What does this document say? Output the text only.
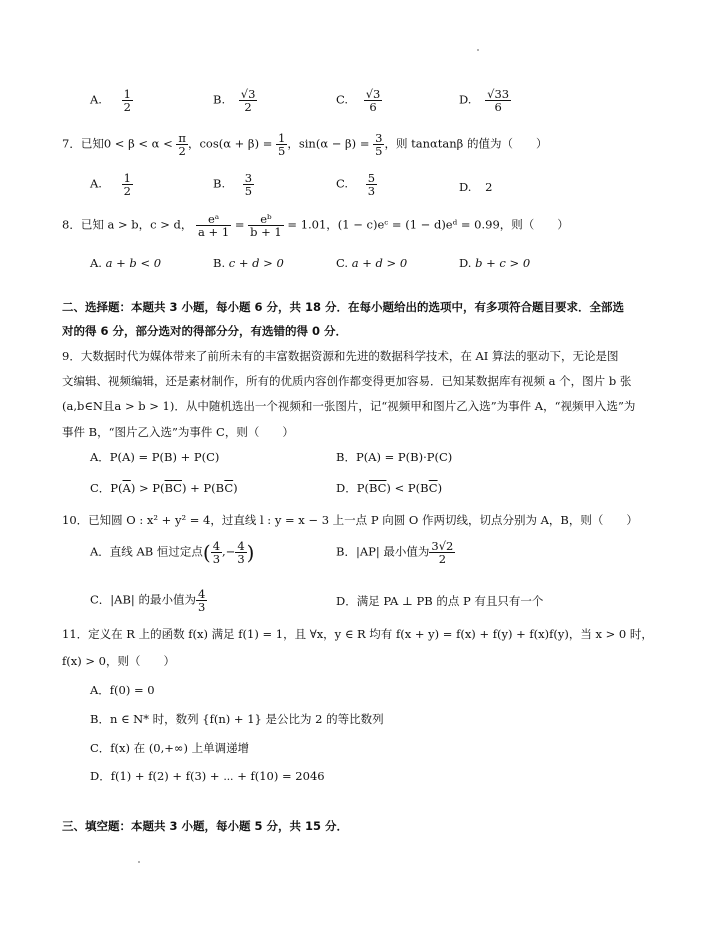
A. $\frac{1}{2}$	B. $\frac{√3}{2}$	C. $\frac{√3}{6}$	D. $\frac{√33}{6}$
7．已知$0 < \beta < \alpha < \frac{\pi}{2}$ ，$\cos(\alpha + \beta) = \frac{1}{5}$ ，$\sin(\alpha - \beta) = \frac{3}{5}$ ，则 tanαtanβ 的值为（　　）
A. $\frac{1}{2}$	B. $\frac{3}{5}$	C. $\frac{5}{3}$	D. 2
8．已知 a > b，c > d， $\frac{\text{eᵃ}}{a + 1} = \frac{\text{eᵇ}}{b + 1} = 1.01$，(1 − c)eᶜ = (1 − d)eᵈ = 0.99，则（　　）
A. a + b < 0	B. c + d > 0	C. a + d > 0	D. b + c > 0
二、选择题：本题共 3 小题，每小题 6 分，共 18 分．在每小题给出的选项中，有多项符合题目要求．全部选
对的得 6 分，部分选对的得部分分，有选错的得 0 分．
9．大数据时代为媒体带来了前所未有的丰富数据资源和先进的数据科学技术，在 AI 算法的驱动下，无论是图
文编辑、视频编辑，还是素材制作，所有的优质内容创作都变得更加容易．已知某数据库有视频 a 个，图片 b 张
(a,b∈N且a > b > 1)．从中随机选出一个视频和一张图片，记“视频甲和图片乙入选”为事件 A，“视频甲入选”为
事件 B，“图片乙入选”为事件 C，则（　　）
A．P(A) = P(B) + P(C)	B．P(A) = P(B)·P(C)
C．$P(\overline{A}) > P(\overline{BC}) + P(B\overline{C})$	D．$P(\overline{BC}) < P(B\overline{C})$
10．已知圆 O : x² + y² = 4，过直线 l : y = x − 3 上一点 P 向圆 O 作两切线，切点分别为 A，B，则（　　）
A．直线 AB 恒过定点( $\frac{4}{3}$ ,− $\frac{4}{3}$ )	B．|AP| 最小值为 $\frac{3√2}{2}$
C．|AB| 的最小值为 $\frac{4}{3}$	D．满足 PA ⊥ PB 的点 P 有且只有一个
11．定义在 R 上的函数 f(x) 满足 f(1) = 1，且 ∀x，y ∈ R 均有 f(x + y) = f(x) + f(y) + f(x)f(y)，当 x > 0 时，
f(x) > 0，则（　　）
A．f(0) = 0
B．n ∈ N* 时，数列 {f(n) + 1} 是公比为 2 的等比数列
C．f(x) 在 (0,+∞) 上单调递增
D．f(1) + f(2) + f(3) + ⋯ + f(10) = 2046
三、填空题：本题共 3 小题，每小题 5 分，共 15 分．
